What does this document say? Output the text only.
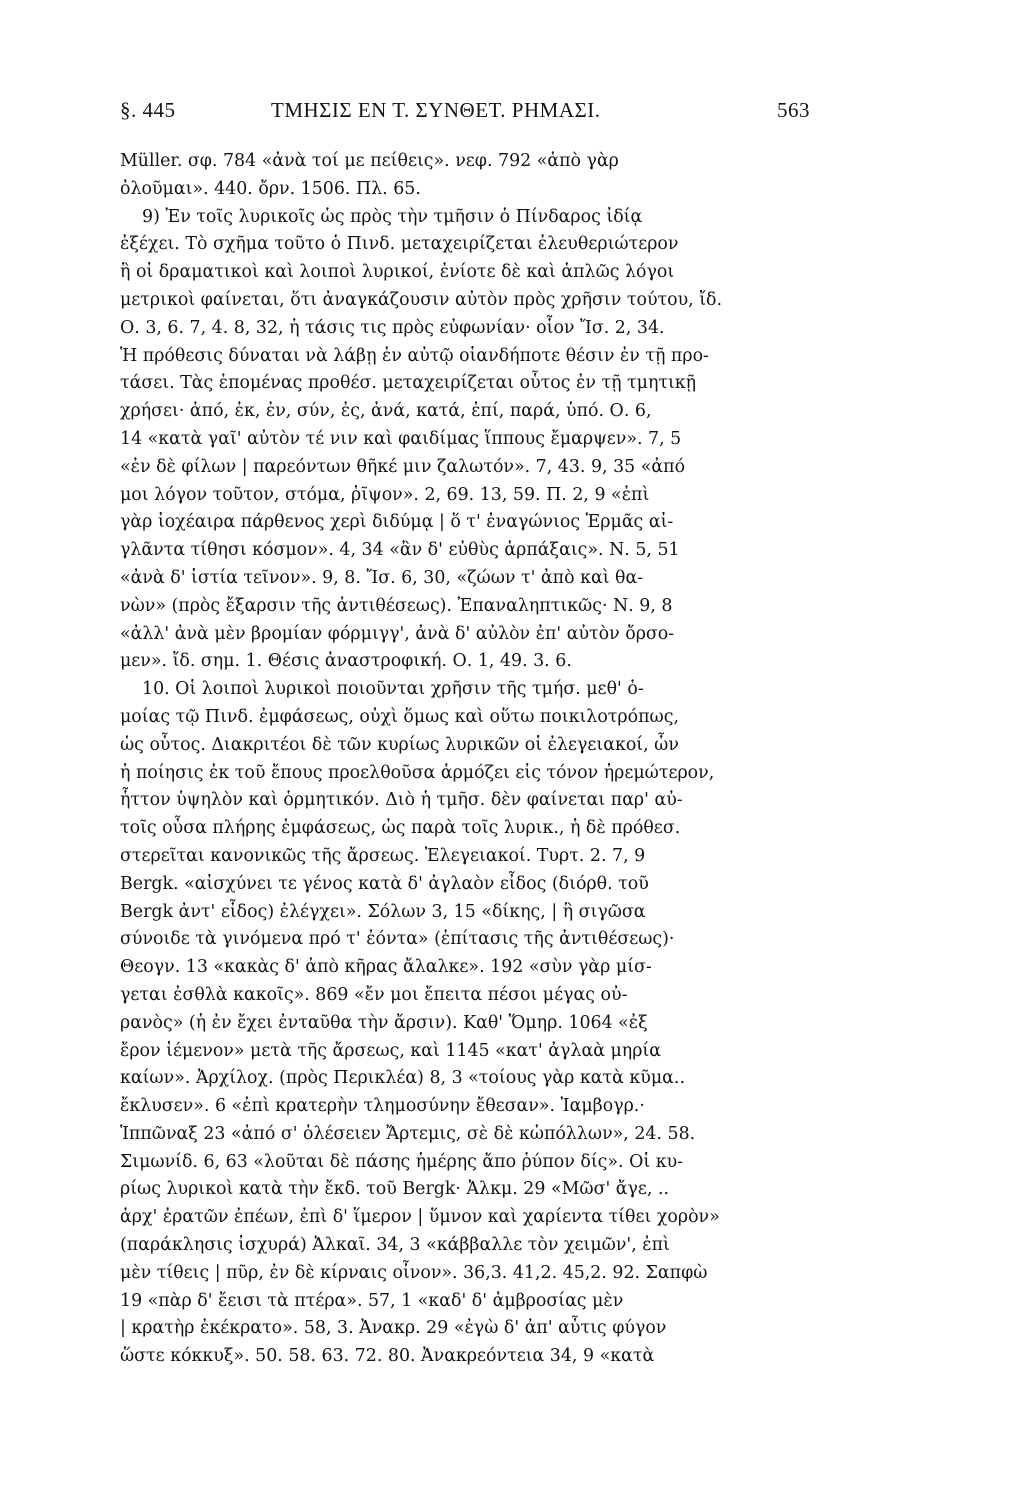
§. 445	ΤΜΗΣΙΣ ΕΝ Τ. ΣΥΝΘΕΤ. ΡΗΜΑΣΙ.	563
Müller. σφ. 784 «ἀνὰ τοί με πείθεις». νεφ. 792 «ἀπὸ γὰρ
ὀλοῦμαι». 440. ὄρν. 1506. Πλ. 65.
9) Ἐν τοῖς λυρικοῖς ὡς πρὸς τὴν τμῆσιν ὁ Πίνδαρος ἰδίᾳ
ἐξέχει. Τὸ σχῆμα τοῦτο ὁ Πινδ. μεταχειρίζεται ἐλευθεριώτερον
ἢ οἱ δραματικοὶ καὶ λοιποὶ λυρικοί, ἐνίοτε δὲ καὶ ἁπλῶς λόγοι
μετρικοὶ φαίνεται, ὅτι ἀναγκάζουσιν αὐτὸν πρὸς χρῆσιν τούτου, ἴδ.
Ο. 3, 6. 7, 4. 8, 32, ἡ τάσις τις πρὸς εὐφωνίαν· οἷον Ἴσ. 2, 34.
Ἡ πρόθεσις δύναται νὰ λάβῃ ἐν αὐτῷ οἱανδήποτε θέσιν ἐν τῇ προ-
τάσει. Τὰς ἑπομένας προθέσ. μεταχειρίζεται οὗτος ἐν τῇ τμητικῇ
χρήσει· ἀπό, ἐκ, ἐν, σύν, ἐς, ἀνά, κατά, ἐπί, παρά, ὑπό. Ο. 6,
14 «κατὰ γαῖ' αὐτὸν τέ νιν καὶ φαιδίμας ἵππους ἔμαρψεν». 7, 5
«ἐν δὲ φίλων | παρεόντων θῆκέ μιν ζαλωτόν». 7, 43. 9, 35 «ἀπό
μοι λόγον τοῦτον, στόμα, ῥῖψον». 2, 69. 13, 59. Π. 2, 9 «ἐπὶ
γὰρ ἰοχέαιρα πάρθενος χερὶ διδύμᾳ | ὅ τ' ἐναγώνιος Ἑρμᾶς αἰ-
γλᾶντα τίθησι κόσμον». 4, 34 «ἂν δ' εὐθὺς ἁρπάξαις». Ν. 5, 51
«ἀνὰ δ' ἱστία τεῖνον». 9, 8. Ἴσ. 6, 30, «ζώων τ' ἀπὸ καὶ θα-
νὼν» (πρὸς ἔξαρσιν τῆς ἀντιθέσεως). Ἐπαναληπτικῶς· Ν. 9, 8
«ἀλλ' ἀνὰ μὲν βρομίαν φόρμιγγ', ἀνὰ δ' αὐλὸν ἐπ' αὐτὸν ὄρσο-
μεν». ἴδ. σημ. 1. Θέσις ἀναστροφική. Ο. 1, 49. 3. 6.
10. Οἱ λοιποὶ λυρικοὶ ποιοῦνται χρῆσιν τῆς τμήσ. μεθ' ὁ-
μοίας τῷ Πινδ. ἐμφάσεως, οὐχὶ ὅμως καὶ οὕτω ποικιλοτρόπως,
ὡς οὗτος. Διακριτέοι δὲ τῶν κυρίως λυρικῶν οἱ ἐλεγειακοί, ὧν
ἡ ποίησις ἐκ τοῦ ἔπους προελθοῦσα ἁρμόζει εἰς τόνον ἠρεμώτερον,
ἧττον ὑψηλὸν καὶ ὁρμητικόν. Διὸ ἡ τμῆσ. δὲν φαίνεται παρ' αὐ-
τοῖς οὖσα πλήρης ἐμφάσεως, ὡς παρὰ τοῖς λυρικ., ἡ δὲ πρόθεσ.
στερεῖται κανονικῶς τῆς ἄρσεως. Ἐλεγειακοί. Τυρτ. 2. 7, 9
Bergk. «αἰσχύνει τε γένος κατὰ δ' ἀγλαὸν εἶδος (διόρθ. τοῦ
Bergk ἀντ' εἶδος) ἐλέγχει». Σόλων 3, 15 «δίκης, | ἣ σιγῶσα
σύνοιδε τὰ γινόμενα πρό τ' ἐόντα» (ἐπίτασις τῆς ἀντιθέσεως)·
Θεογν. 13 «κακὰς δ' ἀπὸ κῆρας ἄλαλκε». 192 «σὺν γὰρ μίσ-
γεται ἐσθλὰ κακοῖς». 869 «ἔν μοι ἔπειτα πέσοι μέγας οὐ-
ρανὸς» (ἡ ἐν ἔχει ἐνταῦθα τὴν ἄρσιν). Καθ' Ὅμηρ. 1064 «ἐξ
ἔρον ἱέμενον» μετὰ τῆς ἄρσεως, καὶ 1145 «κατ' ἀγλαὰ μηρία
καίων». Ἀρχίλοχ. (πρὸς Περικλέα) 8, 3 «τοίους γὰρ κατὰ κῦμα..
ἔκλυσεν». 6 «ἐπὶ κρατερὴν τλημοσύνην ἔθεσαν». Ἰαμβογρ.·
Ἱππῶναξ 23 «ἀπό σ' ὀλέσειεν Ἄρτεμις, σὲ δὲ κὠπόλλων», 24. 58.
Σιμωνίδ. 6, 63 «λοῦται δὲ πάσης ἡμέρης ἄπο ῥύπον δίς». Οἱ κυ-
ρίως λυρικοὶ κατὰ τὴν ἔκδ. τοῦ Bergk· Ἀλκμ. 29 «Μῶσ' ἄγε, ..
ἀρχ' ἐρατῶν ἐπέων, ἐπὶ δ' ἵμερον | ὕμνον καὶ χαρίεντα τίθει χορὸν»
(παράκλησις ἰσχυρά) Ἀλκαῖ. 34, 3 «κάββαλλε τὸν χειμῶν', ἐπὶ
μὲν τίθεις | πῦρ, ἐν δὲ κίρναις οἶνον». 36,3. 41,2. 45,2. 92. Σαπφὼ
19 «πὰρ δ' ἔεισι τὰ πτέρα». 57, 1 «καδ' δ' ἀμβροσίας μὲν
| κρατὴρ ἐκέκρατο». 58, 3. Ἀνακρ. 29 «ἐγὼ δ' ἀπ' αὖτις φύγον
ὥστε κόκκυξ». 50. 58. 63. 72. 80. Ἀνακρεόντεια 34, 9 «κατὰ
